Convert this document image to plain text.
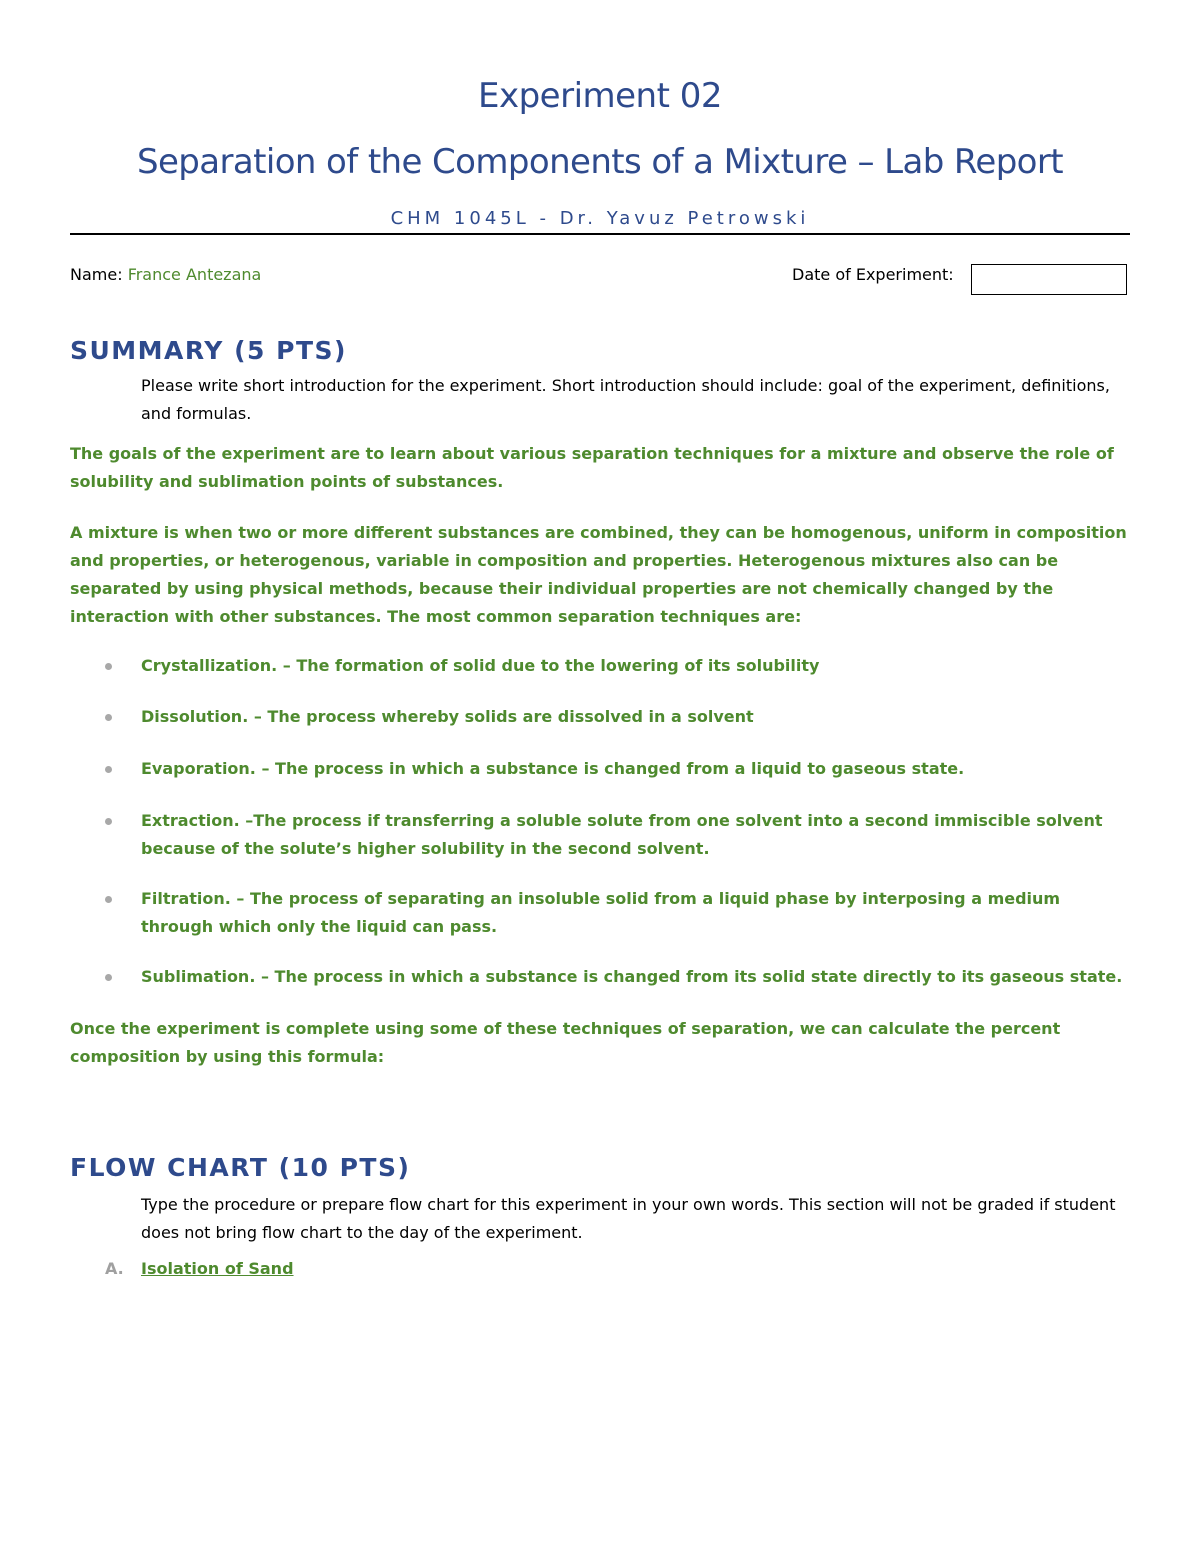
Experiment 02
Separation of the Components of a Mixture – Lab Report
CHM 1045L - Dr. Yavuz Petrowski
Name: France Antezana	Date of Experiment:
SUMMARY (5 PTS)
Please write short introduction for the experiment. Short introduction should include: goal of the experiment, definitions, and formulas.
The goals of the experiment are to learn about various separation techniques for a mixture and observe the role of solubility and sublimation points of substances.
A mixture is when two or more different substances are combined, they can be homogenous, uniform in composition and properties, or heterogenous, variable in composition and properties. Heterogenous mixtures also can be separated by using physical methods, because their individual properties are not chemically changed by the interaction with other substances. The most common separation techniques are:
Crystallization. – The formation of solid due to the lowering of its solubility
Dissolution. – The process whereby solids are dissolved in a solvent
Evaporation. – The process in which a substance is changed from a liquid to gaseous state.
Extraction. –The process if transferring a soluble solute from one solvent into a second immiscible solvent because of the solute’s higher solubility in the second solvent.
Filtration. – The process of separating an insoluble solid from a liquid phase by interposing a medium through which only the liquid can pass.
Sublimation. – The process in which a substance is changed from its solid state directly to its gaseous state.
Once the experiment is complete using some of these techniques of separation, we can calculate the percent composition by using this formula:
FLOW CHART (10 PTS)
Type the procedure or prepare flow chart for this experiment in your own words. This section will not be graded if student does not bring flow chart to the day of the experiment.
A. Isolation of Sand
